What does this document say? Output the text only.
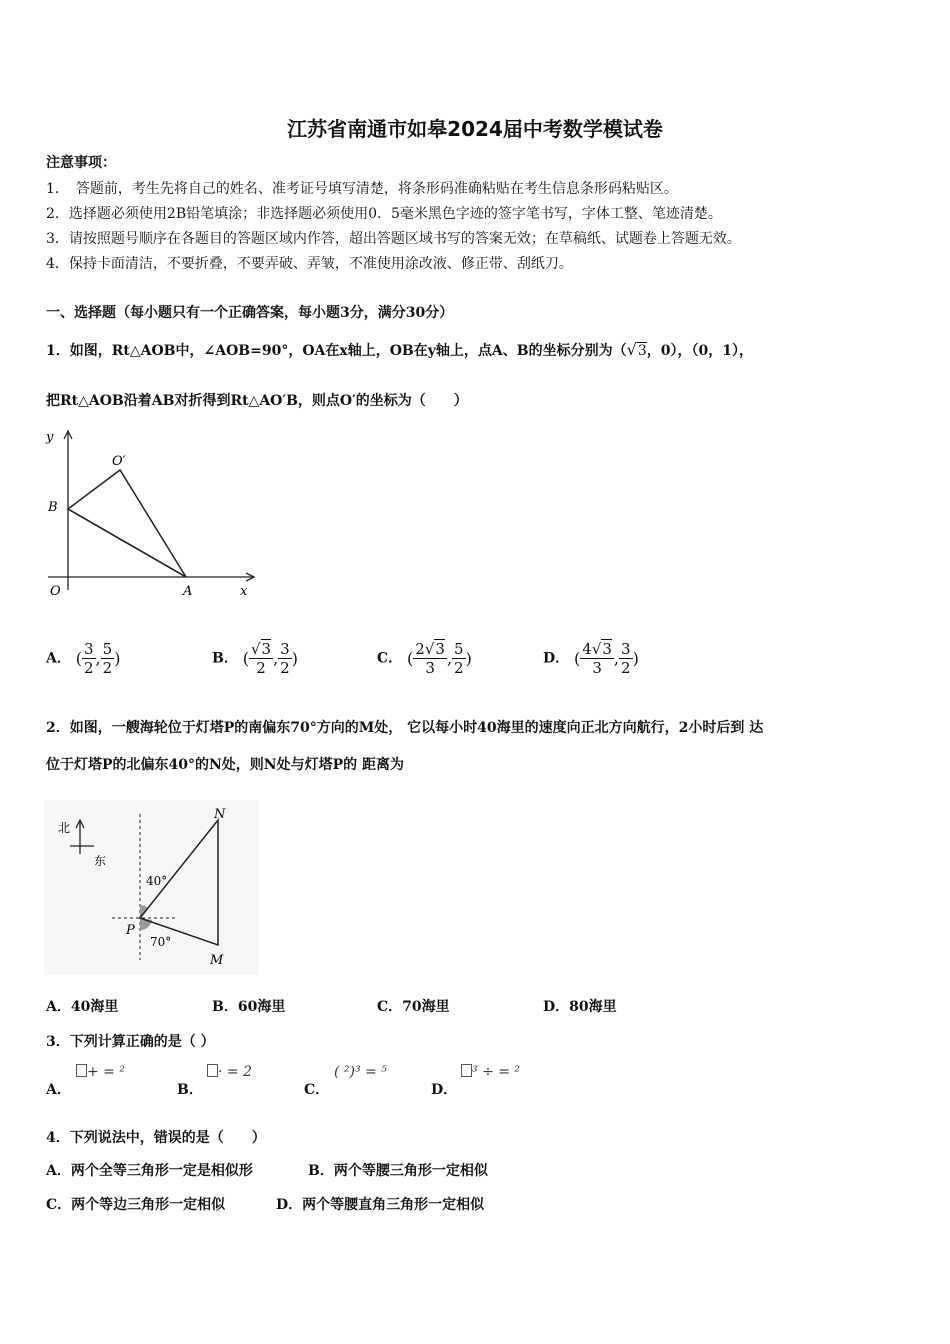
江苏省南通市如皋2024届中考数学模试卷
注意事项：
1．　答题前，考生先将自己的姓名、准考证号填写清楚，将条形码准确粘贴在考生信息条形码粘贴区。
2．选择题必须使用2B铅笔填涂；非选择题必须使用0．5毫米黑色字迹的签字笔书写，字体工整、笔迹清楚。
3．请按照题号顺序在各题目的答题区域内作答，超出答题区域书写的答案无效；在草稿纸、试题卷上答题无效。
4．保持卡面清洁，不要折叠，不要弄破、弄皱，不准使用涂改液、修正带、刮纸刀。
一、选择题（每小题只有一个正确答案，每小题3分，满分30分）
1．如图，Rt△AOB中，∠AOB=90°，OA在x轴上，OB在y轴上，点A、B的坐标分别为（√3，0），（0，1），
把Rt△AOB沿着AB对折得到Rt△AO′B，则点O′的坐标为（　　）
y
x
O
B
A
O′
A． ( $\frac{3}{2}$ , $\frac{5}{2}$ )	B． ( $\frac{√3}{2}$ , $\frac{3}{2}$ )	C． ( $\frac{2√3}{3}$ , $\frac{5}{2}$ )	D． ( $\frac{4√3}{3}$ , $\frac{3}{2}$ )
2．如图，一艘海轮位于灯塔P的南偏东70°方向的M处， 它以每小时40海里的速度向正北方向航行，2小时后到 达
位于灯塔P的北偏东40°的N处，则N处与灯塔P的 距离为
北
东
N
P
M
40°
70°
A．40海里	B．60海里	C．70海里	D．80海里
3．下列计算正确的是（ ）
A．
+ = ²
B．
· = 2
C．
( ²)³ = ⁵
D．
³ ÷ = ²
4．下列说法中，错误的是（　　）
A．两个全等三角形一定是相似形	B．两个等腰三角形一定相似
C．两个等边三角形一定相似	D．两个等腰直角三角形一定相似
